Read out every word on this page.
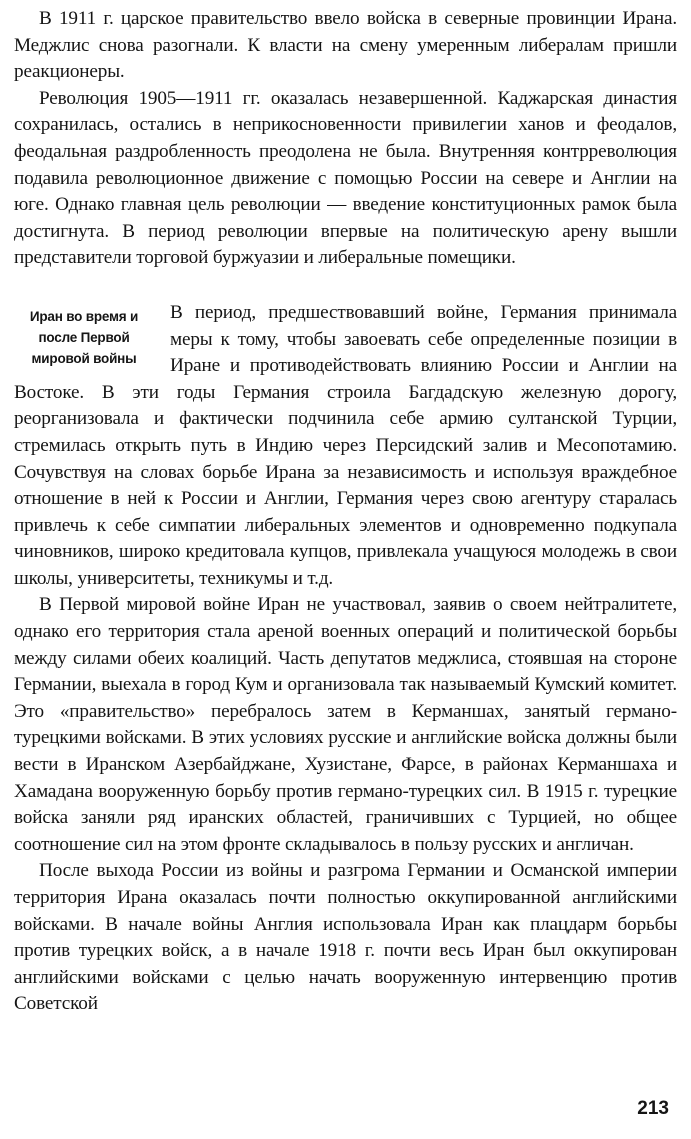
В 1911 г. царское правительство ввело войска в северные провинции Ирана. Меджлис снова разогнали. К власти на смену умеренным либералам пришли реакционеры.

Революция 1905—1911 гг. оказалась незавершенной. Каджарская династия сохранилась, остались в неприкосновенности привилегии ханов и феодалов, феодальная раздробленность преодолена не была. Внутренняя контрреволюция подавила революционное движение с помощью России на севере и Англии на юге. Однако главная цель революции — введение конституционных рамок была достигнута. В период революции впервые на политическую арену вышли представители торговой буржуазии и либеральные помещики.

Иран во время и после Первой мировой войны

В период, предшествовавший войне, Германия принимала меры к тому, чтобы завоевать себе определенные позиции в Иране и противодействовать влиянию России и Англии на Востоке. В эти годы Германия строила Багдадскую железную дорогу, реорганизовала и фактически подчинила себе армию султанской Турции, стремилась открыть путь в Индию через Персидский залив и Месопотамию. Сочувствуя на словах борьбе Ирана за независимость и используя враждебное отношение в ней к России и Англии, Германия через свою агентуру старалась привлечь к себе симпатии либеральных элементов и одновременно подкупала чиновников, широко кредитовала купцов, привлекала учащуюся молодежь в свои школы, университеты, техникумы и т.д.

В Первой мировой войне Иран не участвовал, заявив о своем нейтралитете, однако его территория стала ареной военных операций и политической борьбы между силами обеих коалиций. Часть депутатов меджлиса, стоявшая на стороне Германии, выехала в город Кум и организовала так называемый Кумский комитет. Это «правительство» перебралось затем в Керманшах, занятый германо-турецкими войсками. В этих условиях русские и английские войска должны были вести в Иранском Азербайджане, Хузистане, Фарсе, в районах Керманшаха и Хамадана вооруженную борьбу против германо-турецких сил. В 1915 г. турецкие войска заняли ряд иранских областей, граничивших с Турцией, но общее соотношение сил на этом фронте складывалось в пользу русских и англичан.

После выхода России из войны и разгрома Германии и Османской империи территория Ирана оказалась почти полностью оккупированной английскими войсками. В начале войны Англия использовала Иран как плацдарм борьбы против турецких войск, а в начале 1918 г. почти весь Иран был оккупирован английскими войсками с целью начать вооруженную интервенцию против Советской

213
